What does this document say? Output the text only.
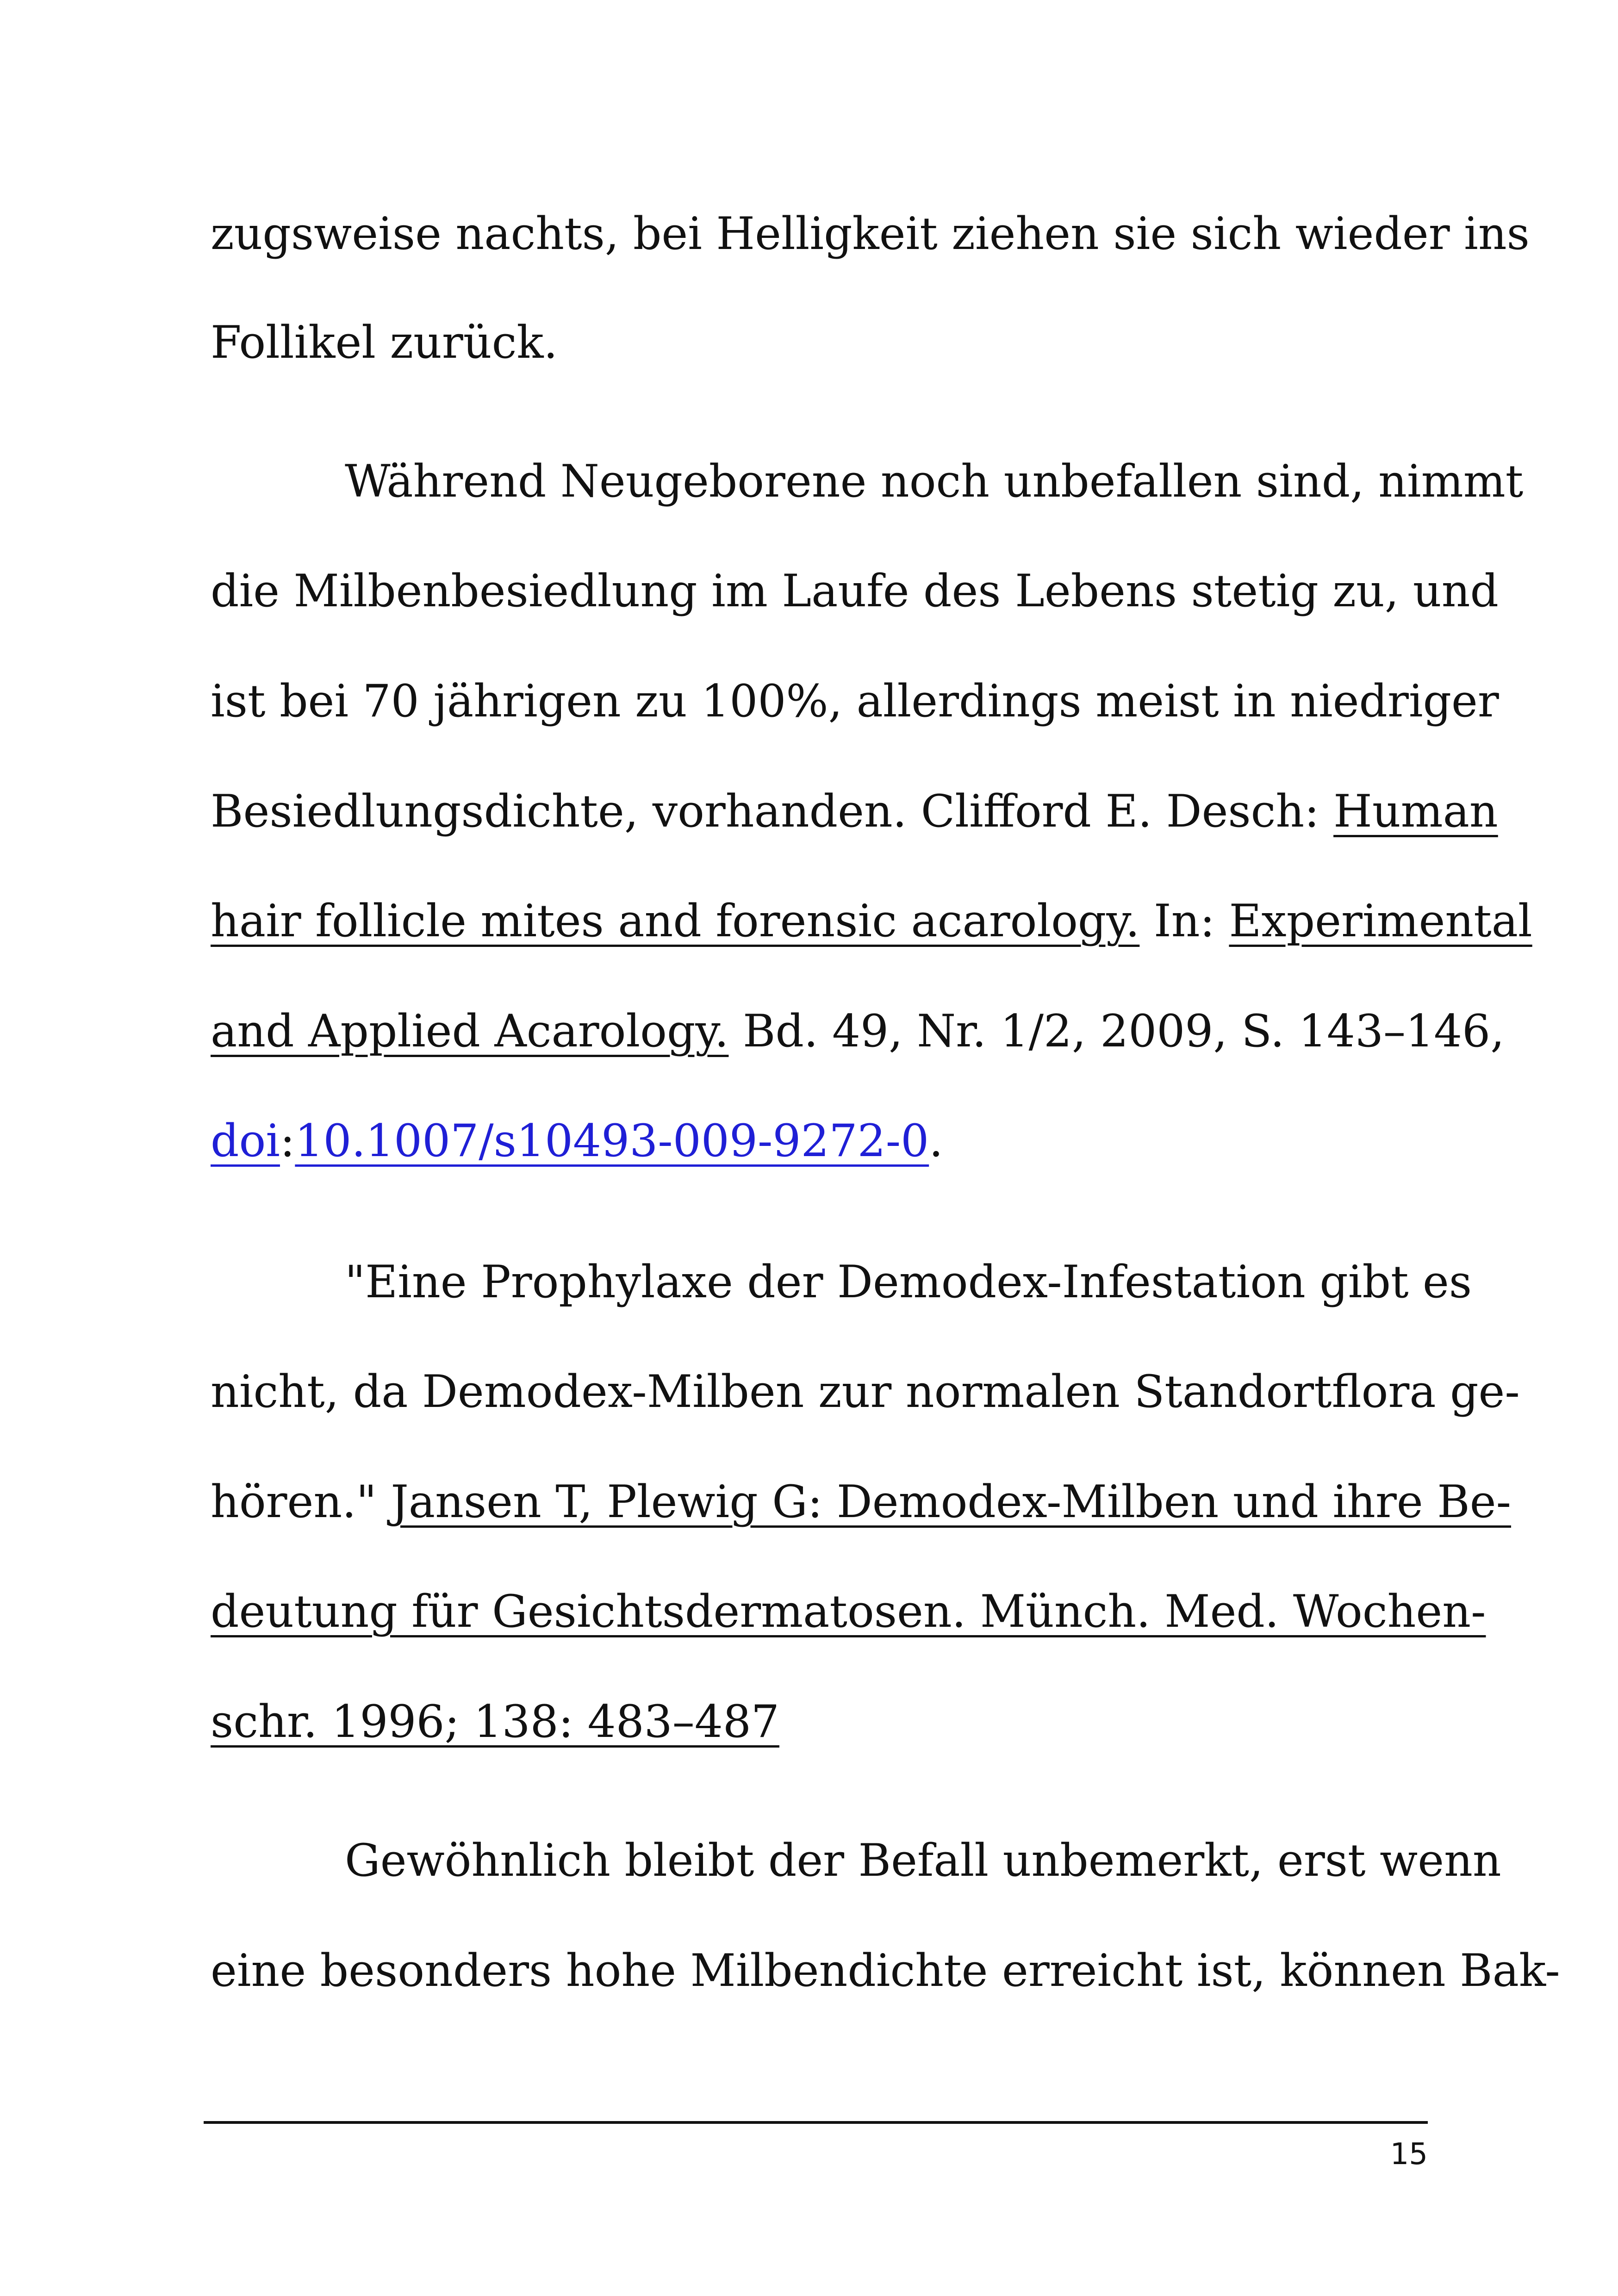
zugsweise nachts, bei Helligkeit ziehen sie sich wieder ins
Follikel zurück.
Während Neugeborene noch unbefallen sind, nimmt
die Milbenbesiedlung im Laufe des Lebens stetig zu, und
ist bei 70 jährigen zu 100%, allerdings meist in niedriger
Besiedlungsdichte, vorhanden. Clifford E. Desch: Human
hair follicle mites and forensic acarology. In: Experimental
and Applied Acarology. Bd. 49, Nr. 1/2, 2009, S. 143–146,
doi:10.1007/s10493-009-9272-0.
"Eine Prophylaxe der Demodex-Infestation gibt es
nicht, da Demodex-Milben zur normalen Standortflora ge-
hören." Jansen T, Plewig G: Demodex-Milben und ihre Be-
deutung für Gesichtsdermatosen. Münch. Med. Wochen-
schr. 1996; 138: 483–487
Gewöhnlich bleibt der Befall unbemerkt, erst wenn
eine besonders hohe Milbendichte erreicht ist, können Bak-
15
